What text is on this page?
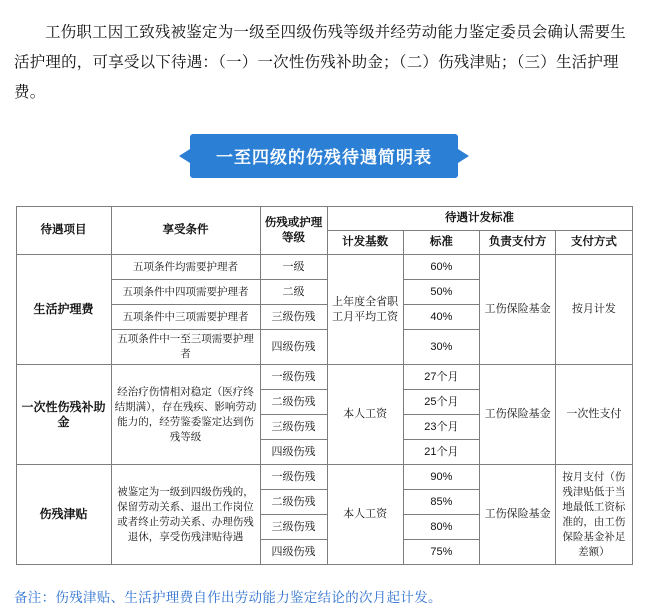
工伤职工因工致残被鉴定为一级至四级伤残等级并经劳动能力鉴定委员会确认需要生活护理的，可享受以下待遇：（一）一次性伤残补助金；（二）伤残津贴；（三）生活护理费。
一至四级的伤残待遇简明表
待遇项目	享受条件	伤残或护理等级	待遇计发标准			
			计发基数	标准	负责支付方	支付方式
生活护理费	五项条件均需要护理者	一级	上年度全省职工月平均工资	60%	工伤保险基金	按月计发
	五项条件中四项需要护理者	二级		50%		
	五项条件中三项需要护理者	三级伤残		40%		
	五项条件中一至三项需要护理者	四级伤残		30%		
一次性伤残补助金	经治疗伤情相对稳定（医疗终结期满），存在残疾、影响劳动能力的，经劳鉴委鉴定达到伤残等级	一级伤残	本人工资	27个月	工伤保险基金	一次性支付
		二级伤残		25个月		
		三级伤残		23个月		
		四级伤残		21个月		
伤残津贴	被鉴定为一级到四级伤残的，保留劳动关系、退出工作岗位或者终止劳动关系、办理伤残退休，享受伤残津贴待遇	一级伤残	本人工资	90%	工伤保险基金	按月支付（伤残津贴低于当地最低工资标准的，由工伤保险基金补足差额）
		二级伤残		85%		
		三级伤残		80%		
		四级伤残		75%		
备注：伤残津贴、生活护理费自作出劳动能力鉴定结论的次月起计发。
